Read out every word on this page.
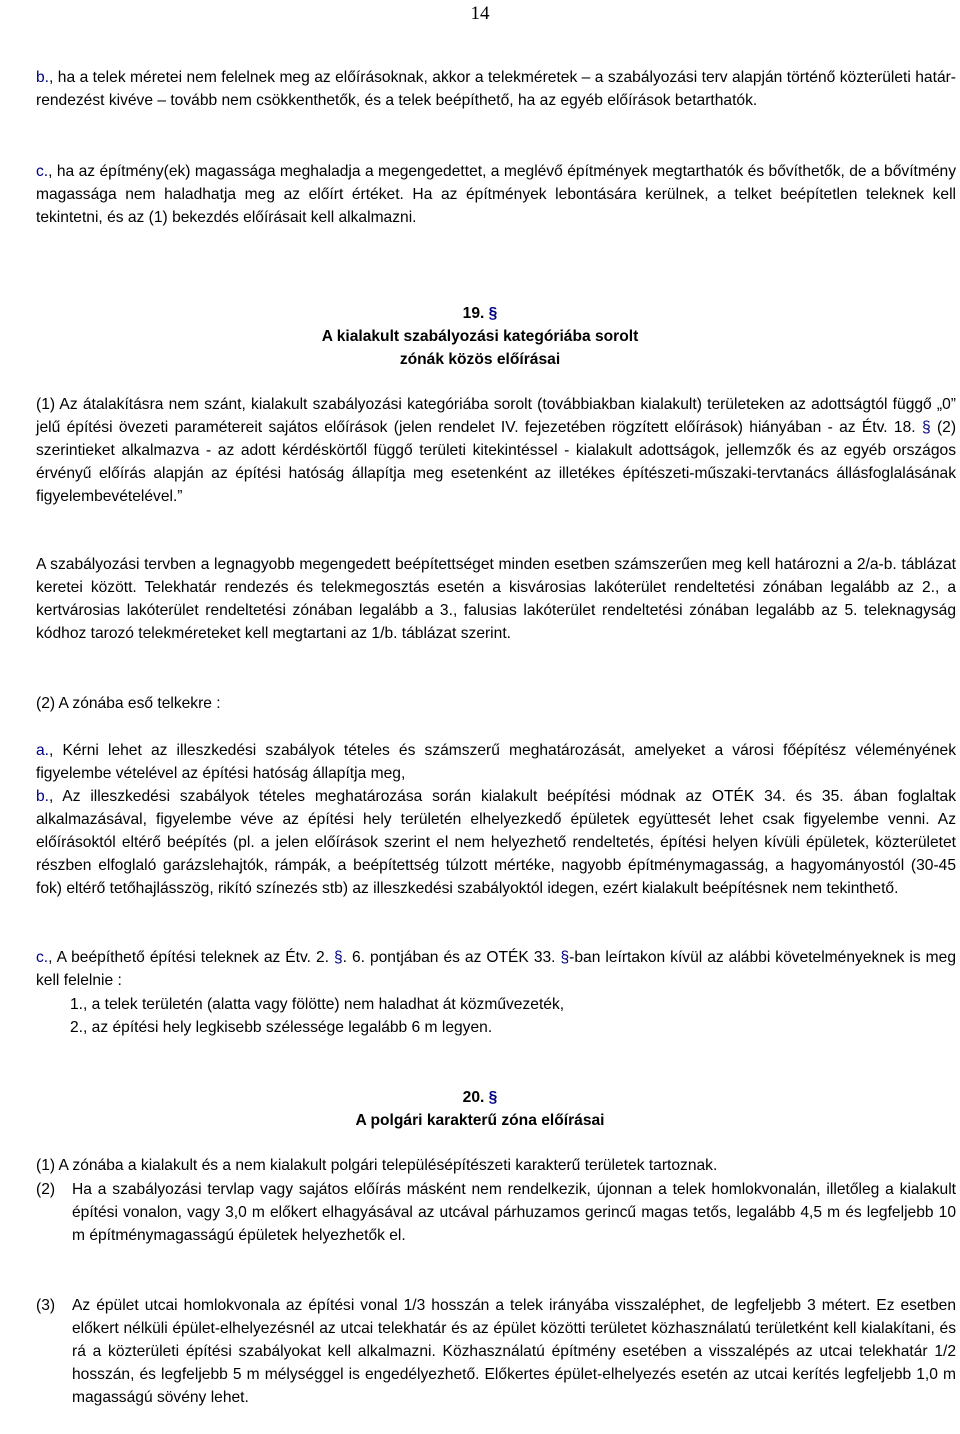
14

b., ha a telek méretei nem felelnek meg az előírásoknak, akkor a telekméretek – a szabályozási terv alapján történő közterületi határ-rendezést kivéve – tovább nem csökkenthetők, és a telek beépíthető, ha az egyéb előírások betarthatók.

c., ha az építmény(ek) magassága meghaladja a megengedettet, a meglévő építmények megtarthatók és bővíthetők, de a bővítmény magassága nem haladhatja meg az előírt értéket. Ha az építmények lebontására kerülnek, a telket beépítetlen teleknek kell tekintetni, és az (1) bekezdés előírásait kell alkalmazni.

19. §
A kialakult szabályozási kategóriába sorolt
zónák közös előírásai

(1) Az átalakításra nem szánt, kialakult szabályozási kategóriába sorolt (továbbiakban kialakult) területeken az adottságtól függő „0” jelű építési övezeti paramétereit sajátos előírások (jelen rendelet IV. fejezetében rögzített előírások) hiányában - az Étv. 18. § (2) szerintieket alkalmazva - az adott kérdéskörtől függő területi kitekintéssel - kialakult adottságok, jellemzők és az egyéb országos érvényű előírás alapján az építési hatóság állapítja meg esetenként az illetékes építészeti-műszaki-tervtanács állásfoglalásának figyelembevételével.”

A szabályozási tervben a legnagyobb megengedett beépítettséget minden esetben számszerűen meg kell határozni a 2/a-b. táblázat keretei között. Telekhatár rendezés és telekmegosztás esetén a kisvárosias lakóterület rendeltetési zónában legalább az 2., a kertvárosias lakóterület rendeltetési zónában legalább a 3., falusias lakóterület rendeltetési zónában legalább az 5. teleknagyság kódhoz tarozó telekméreteket kell megtartani az 1/b. táblázat szerint.

(2) A zónába eső telkekre :

a., Kérni lehet az illeszkedési szabályok tételes és számszerű meghatározását, amelyeket a városi főépítész véleményének figyelembe vételével az építési hatóság állapítja meg,

b., Az illeszkedési szabályok tételes meghatározása során kialakult beépítési módnak az OTÉK 34. és 35. ában foglaltak alkalmazásával, figyelembe véve az építési hely területén elhelyezkedő épületek együttesét lehet csak figyelembe venni. Az előírásoktól eltérő beépítés (pl. a jelen előírások szerint el nem helyezhető rendeltetés, építési helyen kívüli épületek, közterületet részben elfoglaló garázslehajtók, rámpák, a beépítettség túlzott mértéke, nagyobb építménymagasság, a hagyományostól (30-45 fok) eltérő tetőhajlásszög, rikító színezés stb) az illeszkedési szabályoktól idegen, ezért kialakult beépítésnek nem tekinthető.

c., A beépíthető építési teleknek az Étv. 2. §. 6. pontjában és az OTÉK 33. §-ban leírtakon kívül az alábbi követelményeknek is meg kell felelnie :

1., a telek területén (alatta vagy fölötte) nem haladhat át közművezeték,

2., az építési hely legkisebb szélessége legalább 6 m legyen.

20. §
A polgári karakterű zóna előírásai

(1) A zónába a kialakult és a nem kialakult polgári településépítészeti karakterű területek tartoznak.

(2)	Ha a szabályozási tervlap vagy sajátos előírás másként nem rendelkezik, újonnan a telek homlokvonalán, illetőleg a kialakult építési vonalon, vagy 3,0 m előkert elhagyásával az utcával párhuzamos gerincű magas tetős, legalább 4,5 m és legfeljebb 10 m építménymagasságú épületek helyezhetők el.
(3)	Az épület utcai homlokvonala az építési vonal 1/3 hosszán a telek irányába visszaléphet, de legfeljebb 3 métert. Ez esetben előkert nélküli épület-elhelyezésnél az utcai telekhatár és az épület közötti területet közhasználatú területként kell kialakítani, és rá a közterületi építési szabályokat kell alkalmazni. Közhasználatú építmény esetében a visszalépés az utcai telekhatár 1/2 hosszán, és legfeljebb 5 m mélységgel is engedélyezhető. Előkertes épület-elhelyezés esetén az utcai kerítés legfeljebb 1,0 m magasságú sövény lehet.
